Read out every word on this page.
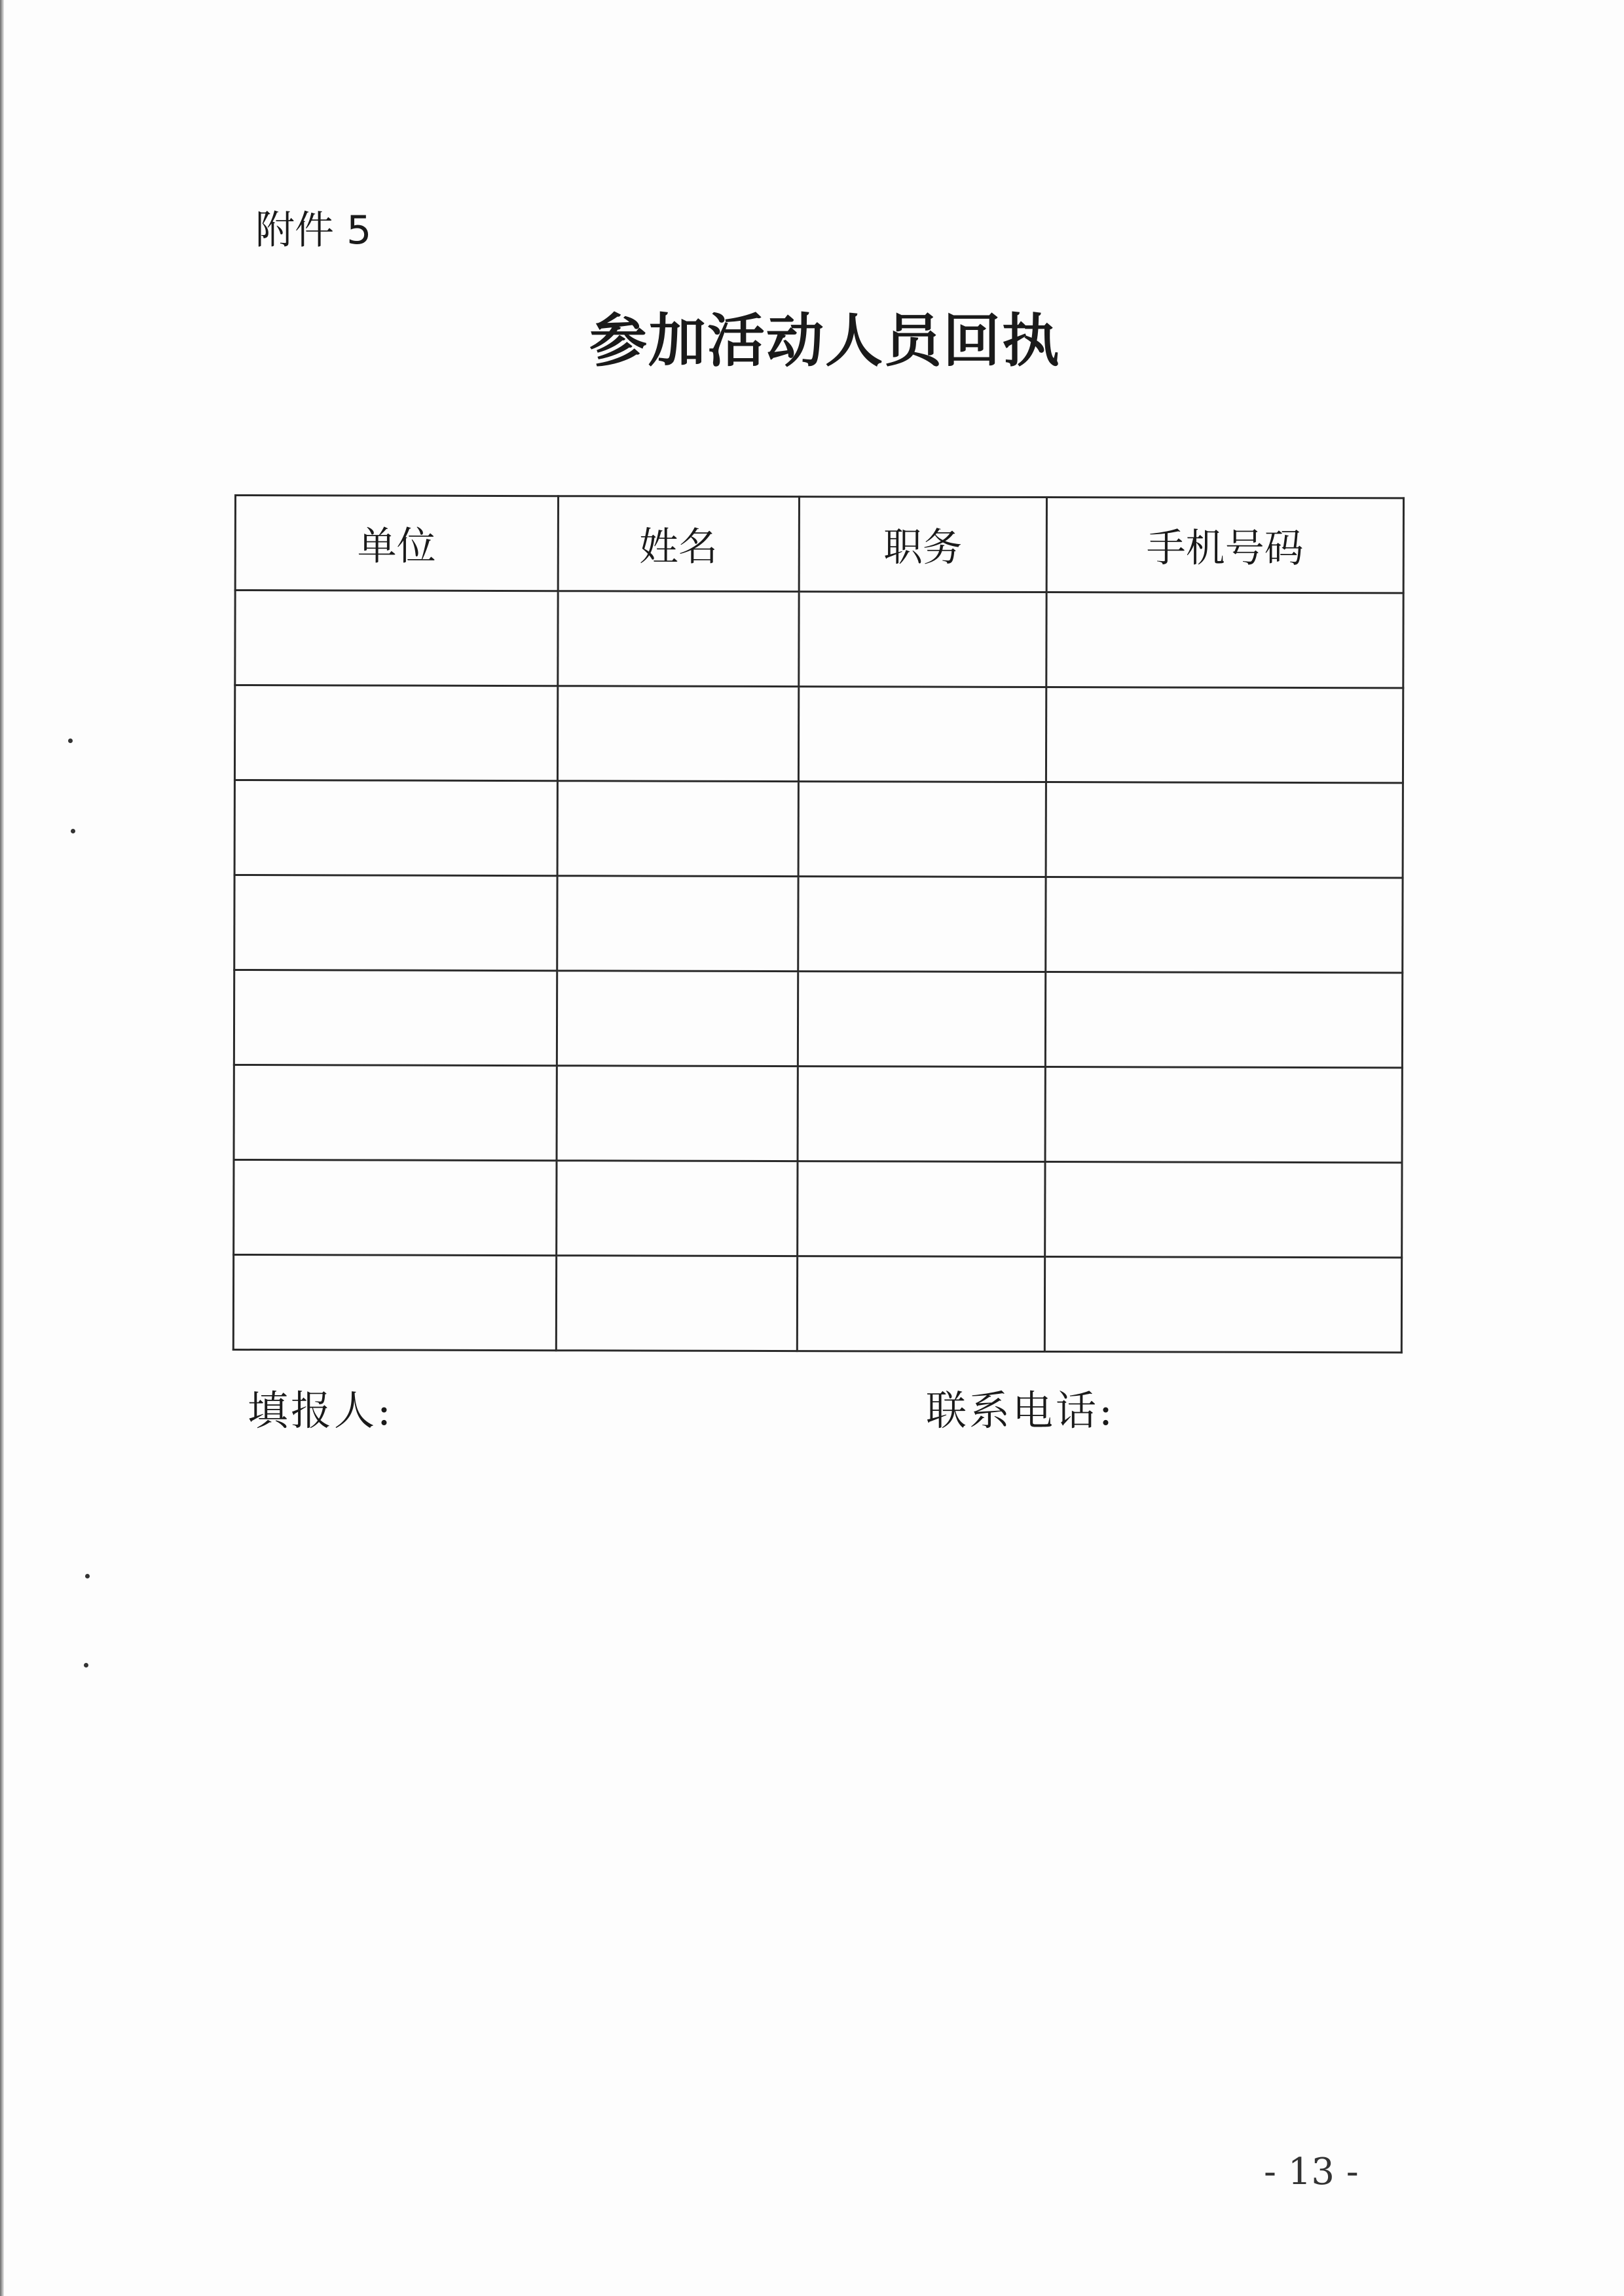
附件 5
参加活动人员回执
单位	姓名	职务	手机号码

填报人:	联系电话:
- 13 -
